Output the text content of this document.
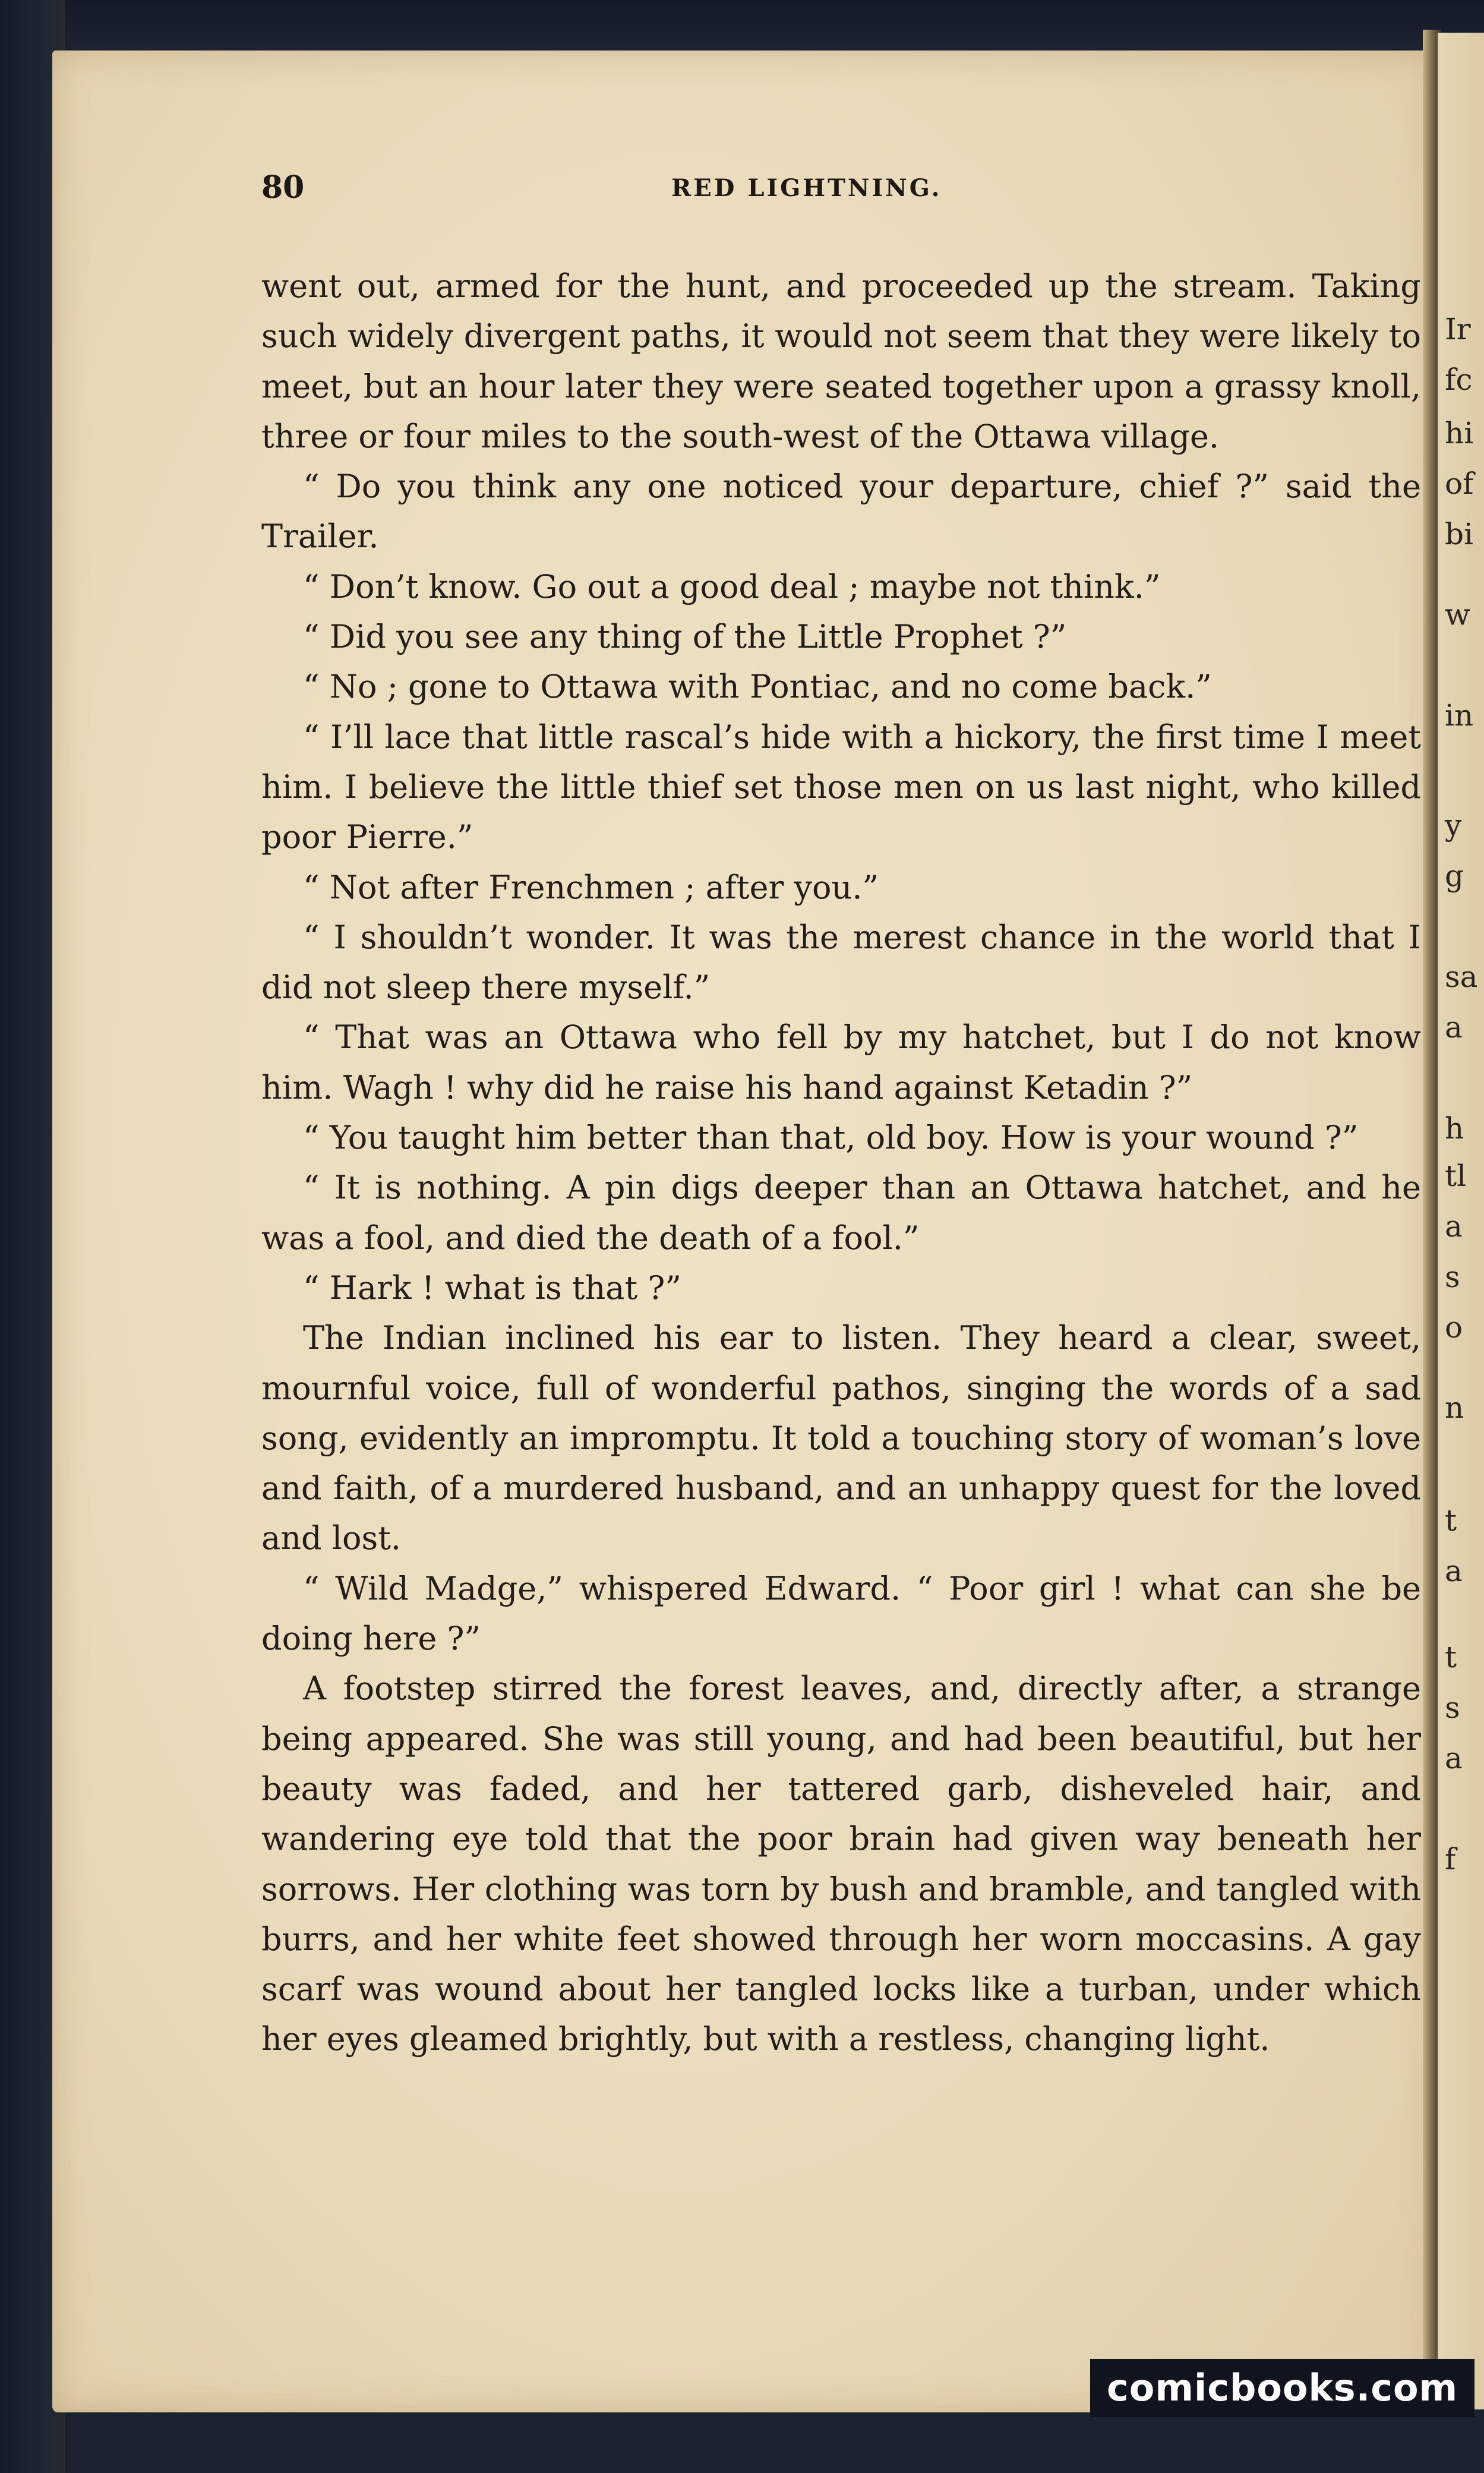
Ir
fc
hi
of
bi
w
in
y
g
sa
a
h
tl
a
s
o
n
t
a
t
s
a
f
80	RED LIGHTNING.

went out, armed for the hunt, and proceeded up the stream. Taking such widely divergent paths, it would not seem that they were likely to meet, but an hour later they were seated together upon a grassy knoll, three or four miles to the south-west of the Ottawa village.

“ Do you think any one noticed your departure, chief ?” said the Trailer.

“ Don’t know. Go out a good deal ; maybe not think.”

“ Did you see any thing of the Little Prophet ?”

“ No ; gone to Ottawa with Pontiac, and no come back.”

“ I’ll lace that little rascal’s hide with a hickory, the first time I meet him. I believe the little thief set those men on us last night, who killed poor Pierre.”

“ Not after Frenchmen ; after you.”

“ I shouldn’t wonder. It was the merest chance in the world that I did not sleep there myself.”

“ That was an Ottawa who fell by my hatchet, but I do not know him. Wagh ! why did he raise his hand against Ketadin ?”

“ You taught him better than that, old boy. How is your wound ?”

“ It is nothing. A pin digs deeper than an Ottawa hatchet, and he was a fool, and died the death of a fool.”

“ Hark ! what is that ?”

The Indian inclined his ear to listen. They heard a clear, sweet, mournful voice, full of wonderful pathos, singing the words of a sad song, evidently an impromptu. It told a touching story of woman’s love and faith, of a murdered husband, and an unhappy quest for the loved and lost.

“ Wild Madge,” whispered Edward. “ Poor girl ! what can she be doing here ?”

A footstep stirred the forest leaves, and, directly after, a strange being appeared. She was still young, and had been beautiful, but her beauty was faded, and her tattered garb, disheveled hair, and wandering eye told that the poor brain had given way beneath her sorrows. Her clothing was torn by bush and bramble, and tangled with burrs, and her white feet showed through her worn moccasins. A gay scarf was wound about her tangled locks like a turban, under which her eyes gleamed brightly, but with a restless, changing light.

comicbooks.com
